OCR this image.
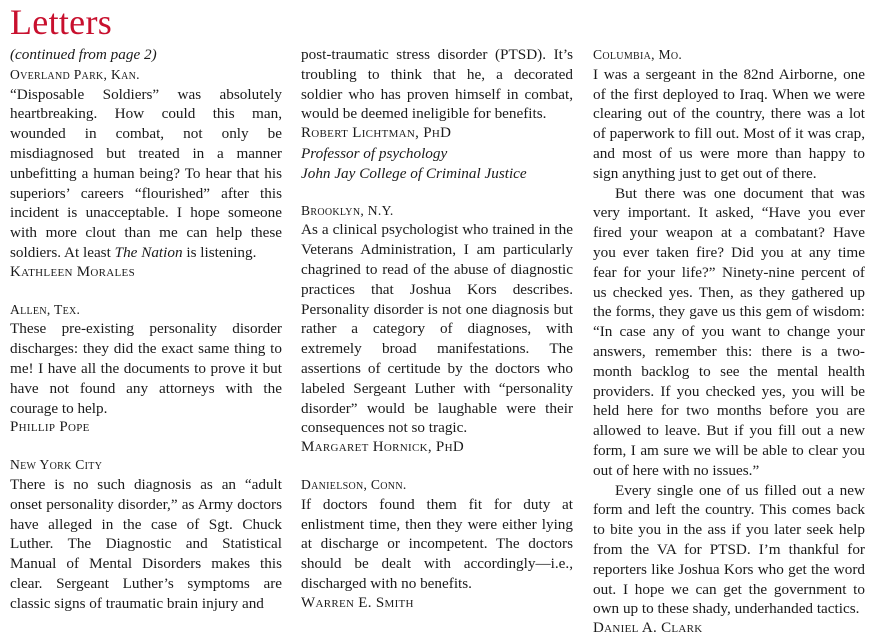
Letters
(continued from page 2)
Overland Park, Kan.
“Disposable Soldiers” was absolutely heartbreaking. How could this man, wounded in combat, not only be misdiagnosed but treated in a manner unbefitting a human being? To hear that his superiors’ careers “flourished” after this incident is unacceptable. I hope someone with more clout than me can help these soldiers. At least The Nation is listening.
Kathleen Morales
Allen, Tex.
These pre-existing personality disorder discharges: they did the exact same thing to me! I have all the documents to prove it but have not found any attorneys with the courage to help.
Phillip Pope
New York City
There is no such diagnosis as an “adult onset personality disorder,” as Army doctors have alleged in the case of Sgt. Chuck Luther. The Diagnostic and Statistical Manual of Mental Disorders makes this clear. Sergeant Luther’s symptoms are classic signs of traumatic brain injury and
post-traumatic stress disorder (PTSD). It’s troubling to think that he, a decorated soldier who has proven himself in combat, would be deemed ineligible for benefits.
Robert Lichtman, PhD
Professor of psychology
John Jay College of Criminal Justice
Brooklyn, N.Y.
As a clinical psychologist who trained in the Veterans Administration, I am particularly chagrined to read of the abuse of diagnostic practices that Joshua Kors describes. Personality disorder is not one diagnosis but rather a category of diagnoses, with extremely broad manifestations. The assertions of certitude by the doctors who labeled Sergeant Luther with “personality disorder” would be laughable were their consequences not so tragic.
Margaret Hornick, PhD
Danielson, Conn.
If doctors found them fit for duty at enlistment time, then they were either lying at discharge or incompetent. The doctors should be dealt with accordingly—i.e., discharged with no benefits.
Warren E. Smith
Columbia, Mo.
I was a sergeant in the 82nd Airborne, one of the first deployed to Iraq. When we were clearing out of the country, there was a lot of paperwork to fill out. Most of it was crap, and most of us were more than happy to sign anything just to get out of there.
But there was one document that was very important. It asked, “Have you ever fired your weapon at a combatant? Have you ever taken fire? Did you at any time fear for your life?” Ninety-nine percent of us checked yes. Then, as they gathered up the forms, they gave us this gem of wisdom: “In case any of you want to change your answers, remember this: there is a two-month backlog to see the mental health providers. If you checked yes, you will be held here for two months before you are allowed to leave. But if you fill out a new form, I am sure we will be able to clear you out of here with no issues.”
Every single one of us filled out a new form and left the country. This comes back to bite you in the ass if you later seek help from the VA for PTSD. I’m thankful for reporters like Joshua Kors who get the word out. I hope we can get the government to own up to these shady, underhanded tactics.
Daniel A. Clark
